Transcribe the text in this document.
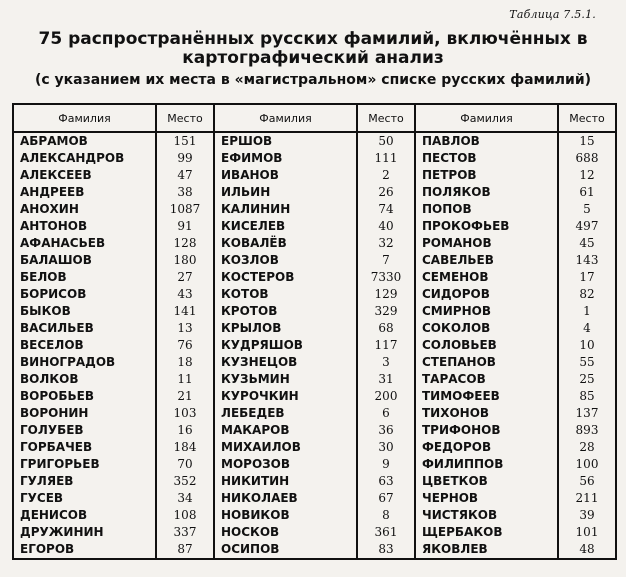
Таблица 7.5.1.
75 распространённых русских фамилий, включённых в
картографический анализ
(с указанием их места в «магистральном» списке русских фамилий)
Фамилия	Место	Фамилия	Место	Фамилия	Место
АБРАМОВ	151	ЕРШОВ	50	ПАВЛОВ	15
АЛЕКСАНДРОВ	99	ЕФИМОВ	111	ПЕСТОВ	688
АЛЕКСЕЕВ	47	ИВАНОВ	2	ПЕТРОВ	12
АНДРЕЕВ	38	ИЛЬИН	26	ПОЛЯКОВ	61
АНОХИН	1087	КАЛИНИН	74	ПОПОВ	5
АНТОНОВ	91	КИСЕЛЕВ	40	ПРОКОФЬЕВ	497
АФАНАСЬЕВ	128	КОВАЛЁВ	32	РОМАНОВ	45
БАЛАШОВ	180	КОЗЛОВ	7	САВЕЛЬЕВ	143
БЕЛОВ	27	КОСТЕРОВ	7330	СЕМЕНОВ	17
БОРИСОВ	43	КОТОВ	129	СИДОРОВ	82
БЫКОВ	141	КРОТОВ	329	СМИРНОВ	1
ВАСИЛЬЕВ	13	КРЫЛОВ	68	СОКОЛОВ	4
ВЕСЕЛОВ	76	КУДРЯШОВ	117	СОЛОВЬЕВ	10
ВИНОГРАДОВ	18	КУЗНЕЦОВ	3	СТЕПАНОВ	55
ВОЛКОВ	11	КУЗЬМИН	31	ТАРАСОВ	25
ВОРОБЬЕВ	21	КУРОЧКИН	200	ТИМОФЕЕВ	85
ВОРОНИН	103	ЛЕБЕДЕВ	6	ТИХОНОВ	137
ГОЛУБЕВ	16	МАКАРОВ	36	ТРИФОНОВ	893
ГОРБАЧЕВ	184	МИХАИЛОВ	30	ФЕДОРОВ	28
ГРИГОРЬЕВ	70	МОРОЗОВ	9	ФИЛИППОВ	100
ГУЛЯЕВ	352	НИКИТИН	63	ЦВЕТКОВ	56
ГУСЕВ	34	НИКОЛАЕВ	67	ЧЕРНОВ	211
ДЕНИСОВ	108	НОВИКОВ	8	ЧИСТЯКОВ	39
ДРУЖИНИН	337	НОСКОВ	361	ЩЕРБАКОВ	101
ЕГОРОВ	87	ОСИПОВ	83	ЯКОВЛЕВ	48
